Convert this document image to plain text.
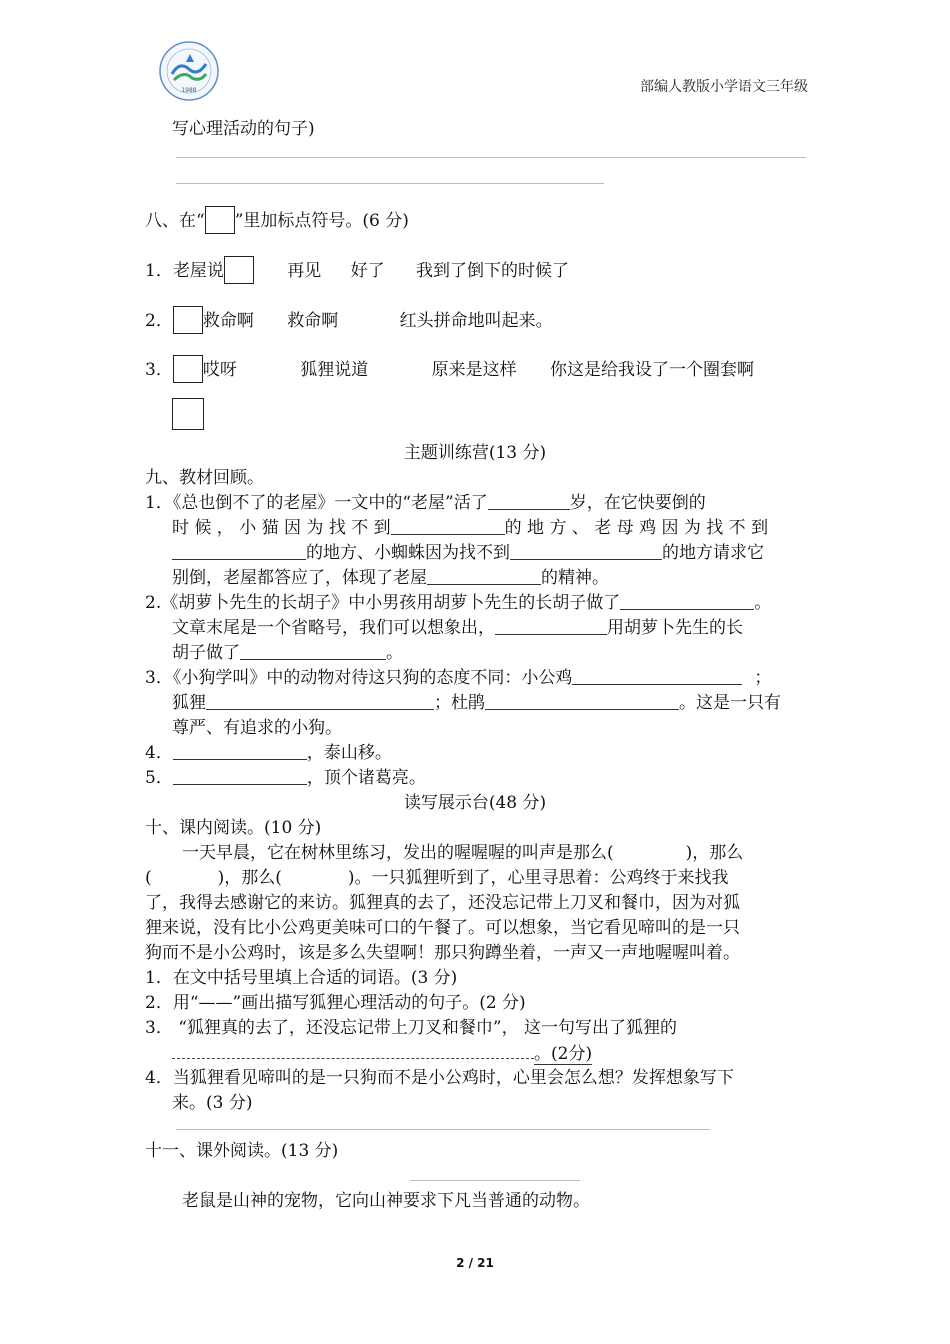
1988	部编人教版小学语文三年级
写心理活动的句子)
八、在“ ”里加标点符号。(6 分)
1．老屋说	再见 好了 我到了倒下的时候了
2． 救命啊 救命啊	红头拼命地叫起来。
3． 哎呀	狐狸说道	原来是这样 你这是给我设了一个圈套啊
主题训练营(13 分)
九、教材回顾。
1．《总也倒不了的老屋》一文中的“老屋”活了	岁，在它快要倒的
时 候 ， 小 猫 因 为 找 不 到	的 地 方 、 老 母 鸡 因 为 找 不 到
的地方、小蜘蛛因为找不到	的地方请求它
别倒，老屋都答应了，体现了老屋	的精神。
2.《胡萝卜先生的长胡子》中小男孩用胡萝卜先生的长胡子做了	。
文章末尾是一个省略号，我们可以想象出，	用胡萝卜先生的长
胡子做了	。
3．《小狗学叫》中的动物对待这只狗的态度不同：小公鸡	；
狐狸	；杜鹃	。这是一只有
尊严、有追求的小狗。
4．	，泰山移。
5．	，顶个诸葛亮。
读写展示台(48 分)
十、课内阅读。(10 分)
一天早晨，它在树林里练习，发出的喔喔喔的叫声是那么(	)，那么
(	)，那么(	)。一只狐狸听到了，心里寻思着：公鸡终于来找我
了，我得去感谢它的来访。狐狸真的去了，还没忘记带上刀叉和餐巾，因为对狐
狸来说，没有比小公鸡更美味可口的午餐了。可以想象，当它看见啼叫的是一只
狗而不是小公鸡时，该是多么失望啊！那只狗蹲坐着，一声又一声地喔喔叫着。
1．在文中括号里填上合适的词语。(3 分)
2．用“——”画出描写狐狸心理活动的句子。(2 分)
3． “狐狸真的去了，还没忘记带上刀叉和餐巾”， 这一句写出了狐狸的
。(2分)
4．当狐狸看见啼叫的是一只狗而不是小公鸡时，心里会怎么想？发挥想象写下
来。(3 分)
十一、课外阅读。(13 分)
老鼠是山神的宠物，它向山神要求下凡当普通的动物。
2 / 21
